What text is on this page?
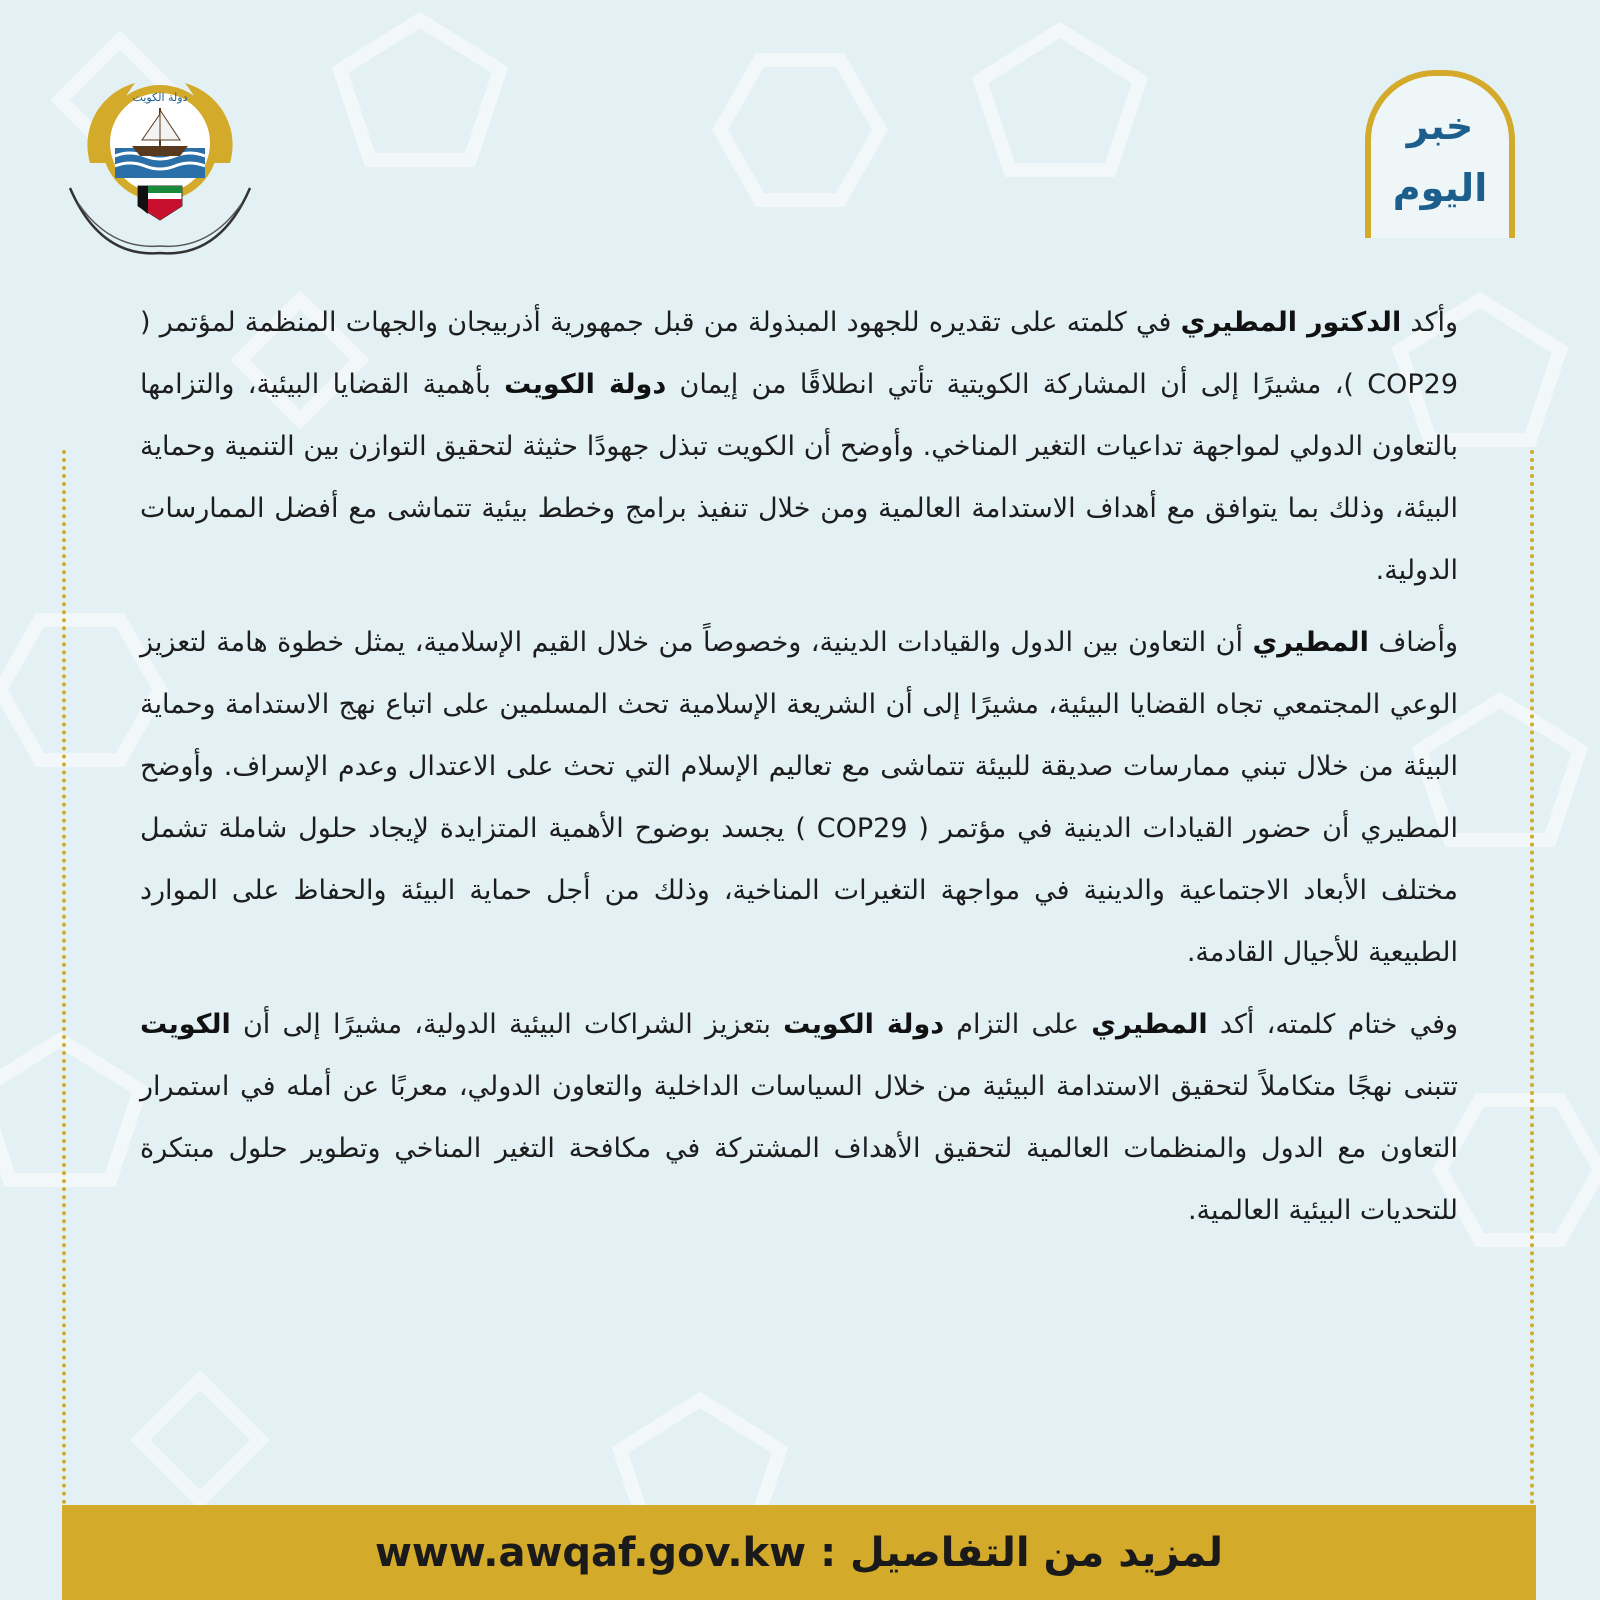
خبر
اليوم
دولة الكويت

وأكد الدكتور المطيري في كلمته على تقديره للجهود المبذولة من قبل جمهورية أذربيجان والجهات المنظمة لمؤتمر ( COP29 )، مشيرًا إلى أن المشاركة الكويتية تأتي انطلاقًا من إيمان دولة الكويت بأهمية القضايا البيئية، والتزامها بالتعاون الدولي لمواجهة تداعيات التغير المناخي. وأوضح أن الكويت تبذل جهودًا حثيثة لتحقيق التوازن بين التنمية وحماية البيئة، وذلك بما يتوافق مع أهداف الاستدامة العالمية ومن خلال تنفيذ برامج وخطط بيئية تتماشى مع أفضل الممارسات الدولية.

وأضاف المطيري أن التعاون بين الدول والقيادات الدينية، وخصوصاً من خلال القيم الإسلامية، يمثل خطوة هامة لتعزيز الوعي المجتمعي تجاه القضايا البيئية، مشيرًا إلى أن الشريعة الإسلامية تحث المسلمين على اتباع نهج الاستدامة وحماية البيئة من خلال تبني ممارسات صديقة للبيئة تتماشى مع تعاليم الإسلام التي تحث على الاعتدال وعدم الإسراف. وأوضح المطيري أن حضور القيادات الدينية في مؤتمر ( COP29 ) يجسد بوضوح الأهمية المتزايدة لإيجاد حلول شاملة تشمل مختلف الأبعاد الاجتماعية والدينية في مواجهة التغيرات المناخية، وذلك من أجل حماية البيئة والحفاظ على الموارد الطبيعية للأجيال القادمة.

وفي ختام كلمته، أكد المطيري على التزام دولة الكويت بتعزيز الشراكات البيئية الدولية، مشيرًا إلى أن الكويت تتبنى نهجًا متكاملاً لتحقيق الاستدامة البيئية من خلال السياسات الداخلية والتعاون الدولي، معربًا عن أمله في استمرار التعاون مع الدول والمنظمات العالمية لتحقيق الأهداف المشتركة في مكافحة التغير المناخي وتطوير حلول مبتكرة للتحديات البيئية العالمية.

لمزيد من التفاصيل :
www.awqaf.gov.kw
